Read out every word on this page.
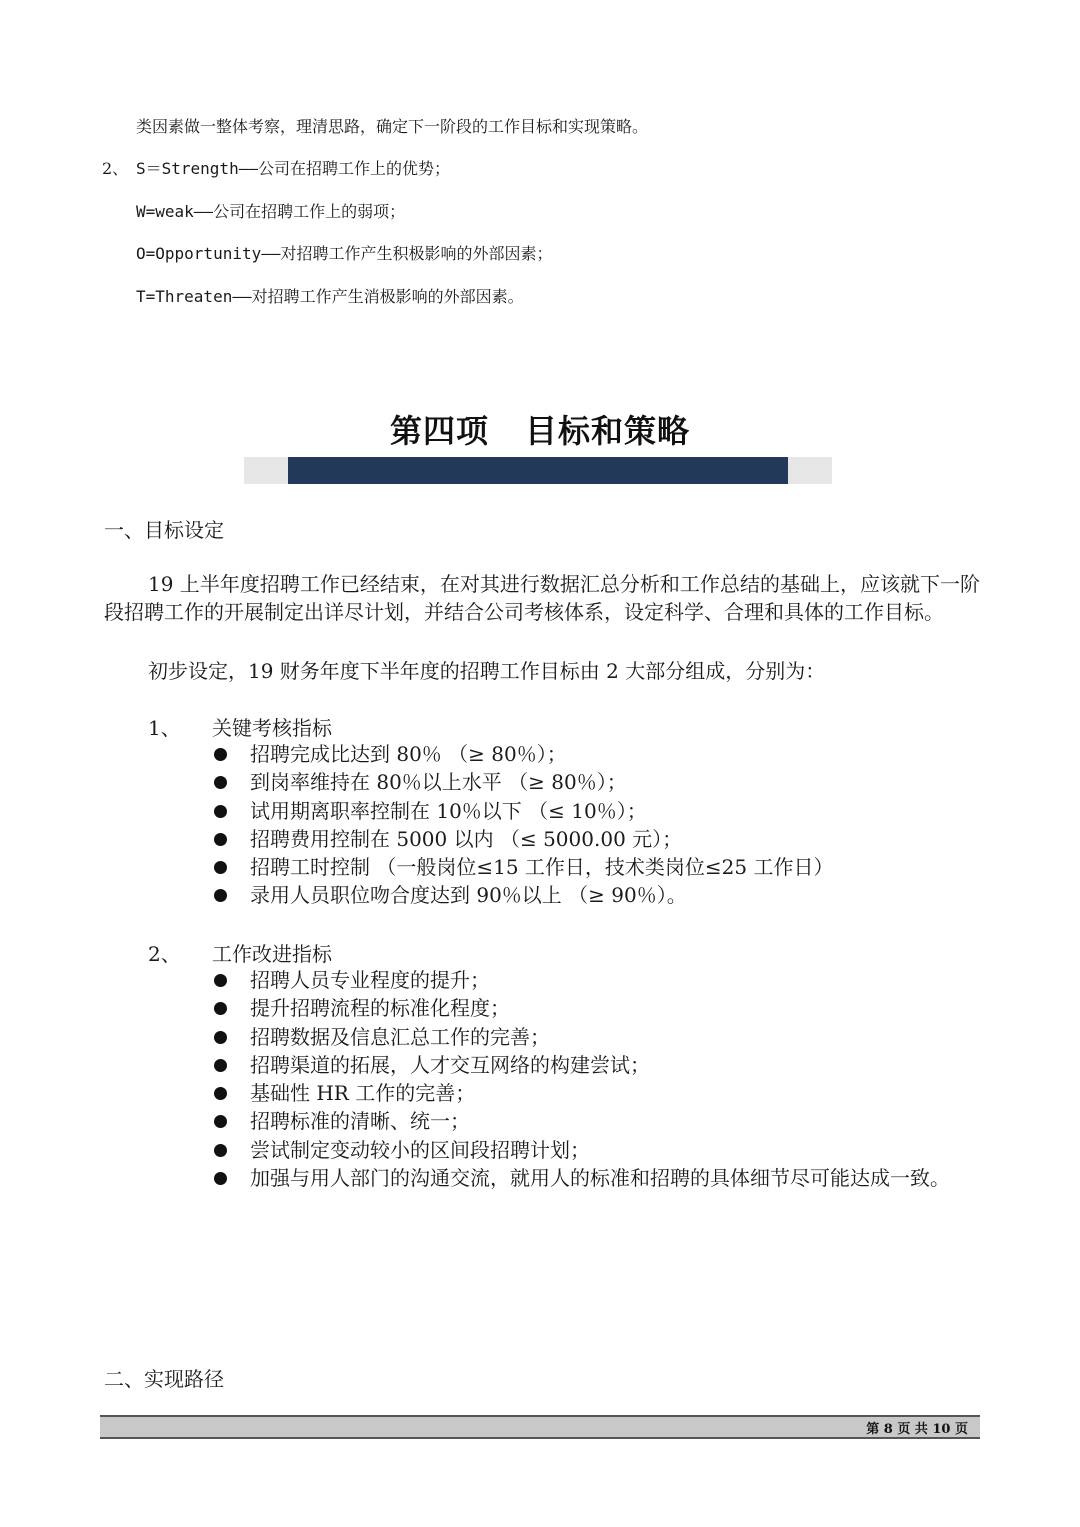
类因素做一整体考察，理清思路，确定下一阶段的工作目标和实现策略。
2、 S＝Strength——公司在招聘工作上的优势；
W=weak——公司在招聘工作上的弱项；
O=Opportunity——对招聘工作产生积极影响的外部因素；
T=Threaten——对招聘工作产生消极影响的外部因素。
第四项 目标和策略
一、目标设定
19 上半年度招聘工作已经结束，在对其进行数据汇总分析和工作总结的基础上，应该就下一阶段招聘工作的开展制定出详尽计划，并结合公司考核体系，设定科学、合理和具体的工作目标。
初步设定，19 财务年度下半年度的招聘工作目标由 2 大部分组成，分别为：
1、 关键考核指标
招聘完成比达到 80％ （≥ 80％）；
到岗率维持在 80％以上水平 （≥ 80％）；
试用期离职率控制在 10％以下 （≤ 10％）；
招聘费用控制在 5000 以内 （≤ 5000.00 元）；
招聘工时控制 （一般岗位≤15 工作日，技术类岗位≤25 工作日）
录用人员职位吻合度达到 90％以上 （≥ 90％）。
2、 工作改进指标
招聘人员专业程度的提升；
提升招聘流程的标准化程度；
招聘数据及信息汇总工作的完善；
招聘渠道的拓展，人才交互网络的构建尝试；
基础性 HR 工作的完善；
招聘标准的清晰、统一；
尝试制定变动较小的区间段招聘计划；
加强与用人部门的沟通交流，就用人的标准和招聘的具体细节尽可能达成一致。
二、实现路径
第 8 页 共 10 页
